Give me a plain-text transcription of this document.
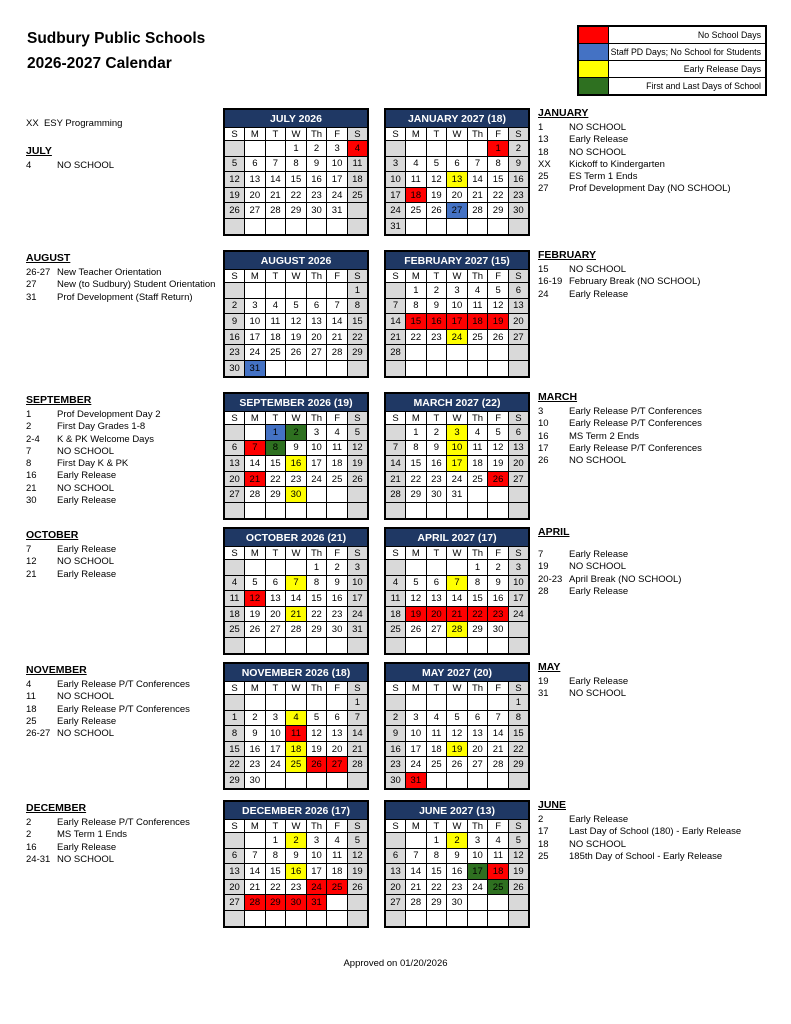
Sudbury Public Schools
2026-2027 Calendar
No School Days
Staff PD Days; No School for Students
Early Release Days
First and Last Days of School
XX  ESY Programming
JULY
4	NO SCHOOL
JULY 2026						
S	M	T	W	Th	F	S
			1	2	3	4
5	6	7	8	9	10	11
12	13	14	15	16	17	18
19	20	21	22	23	24	25
26	27	28	29	30	31	

JANUARY 2027 (18)						
S	M	T	W	Th	F	S
					1	2
3	4	5	6	7	8	9
10	11	12	13	14	15	16
17	18	19	20	21	22	23
24	25	26	27	28	29	30
31						
JANUARY
1	NO SCHOOL
13	Early Release
18	NO SCHOOL
XX	Kickoff to Kindergarten
25	ES Term 1 Ends
27	Prof Development Day (NO SCHOOL)
AUGUST
26-27 New Teacher Orientation
27	New (to Sudbury) Student Orientation
31	Prof Development (Staff Return)
AUGUST 2026						
S	M	T	W	Th	F	S
						1
2	3	4	5	6	7	8
9	10	11	12	13	14	15
16	17	18	19	20	21	22
23	24	25	26	27	28	29
30	31					
FEBRUARY 2027 (15)						
S	M	T	W	Th	F	S
	1	2	3	4	5	6
7	8	9	10	11	12	13
14	15	16	17	18	19	20
21	22	23	24	25	26	27
28						

FEBRUARY
15	NO SCHOOL
16-19 February Break (NO SCHOOL)
24	Early Release
SEPTEMBER
1	Prof Development Day 2
2	First Day Grades 1-8
2-4	K & PK Welcome Days
7	NO SCHOOL
8	First Day K & PK
16	Early Release
21	NO SCHOOL
30	Early Release
SEPTEMBER 2026 (19)						
S	M	T	W	Th	F	S
		1	2	3	4	5
6	7	8	9	10	11	12
13	14	15	16	17	18	19
20	21	22	23	24	25	26
27	28	29	30			

MARCH 2027 (22)						
S	M	T	W	Th	F	S
	1	2	3	4	5	6
7	8	9	10	11	12	13
14	15	16	17	18	19	20
21	22	23	24	25	26	27
28	29	30	31			

MARCH
3	Early Release P/T Conferences
10	Early Release P/T Conferences
16	MS Term 2 Ends
17	Early Release P/T Conferences
26	NO SCHOOL
OCTOBER
7	Early Release
12	NO SCHOOL
21	Early Release
OCTOBER 2026 (21)						
S	M	T	W	Th	F	S
				1	2	3
4	5	6	7	8	9	10
11	12	13	14	15	16	17
18	19	20	21	22	23	24
25	26	27	28	29	30	31

APRIL 2027 (17)						
S	M	T	W	Th	F	S
				1	2	3
4	5	6	7	8	9	10
11	12	13	14	15	16	17
18	19	20	21	22	23	24
25	26	27	28	29	30	

APRIL
7	Early Release
19	NO SCHOOL
20-23 April Break (NO SCHOOL)
28	Early Release
NOVEMBER
4	Early Release P/T Conferences
11	NO SCHOOL
18	Early Release P/T Conferences
25	Early Release
26-27 NO SCHOOL
NOVEMBER 2026 (18)						
S	M	T	W	Th	F	S
						1
1	2	3	4	5	6	7
8	9	10	11	12	13	14
15	16	17	18	19	20	21
22	23	24	25	26	27	28
29	30					
MAY 2027 (20)						
S	M	T	W	Th	F	S
						1
2	3	4	5	6	7	8
9	10	11	12	13	14	15
16	17	18	19	20	21	22
23	24	25	26	27	28	29
30	31					
MAY
19	Early Release
31	NO SCHOOL
DECEMBER
2	Early Release P/T Conferences
2	MS Term 1 Ends
16	Early Release
24-31 NO SCHOOL
DECEMBER 2026 (17)						
S	M	T	W	Th	F	S
		1	2	3	4	5
6	7	8	9	10	11	12
13	14	15	16	17	18	19
20	21	22	23	24	25	26
27	28	29	30	31		

JUNE 2027 (13)						
S	M	T	W	Th	F	S
		1	2	3	4	5
6	7	8	9	10	11	12
13	14	15	16	17	18	19
20	21	22	23	24	25	26
27	28	29	30			

JUNE
2	Early Release
17	Last Day of School (180) - Early Release
18	NO SCHOOL
25	185th Day of School - Early Release
Approved on 01/20/2026
